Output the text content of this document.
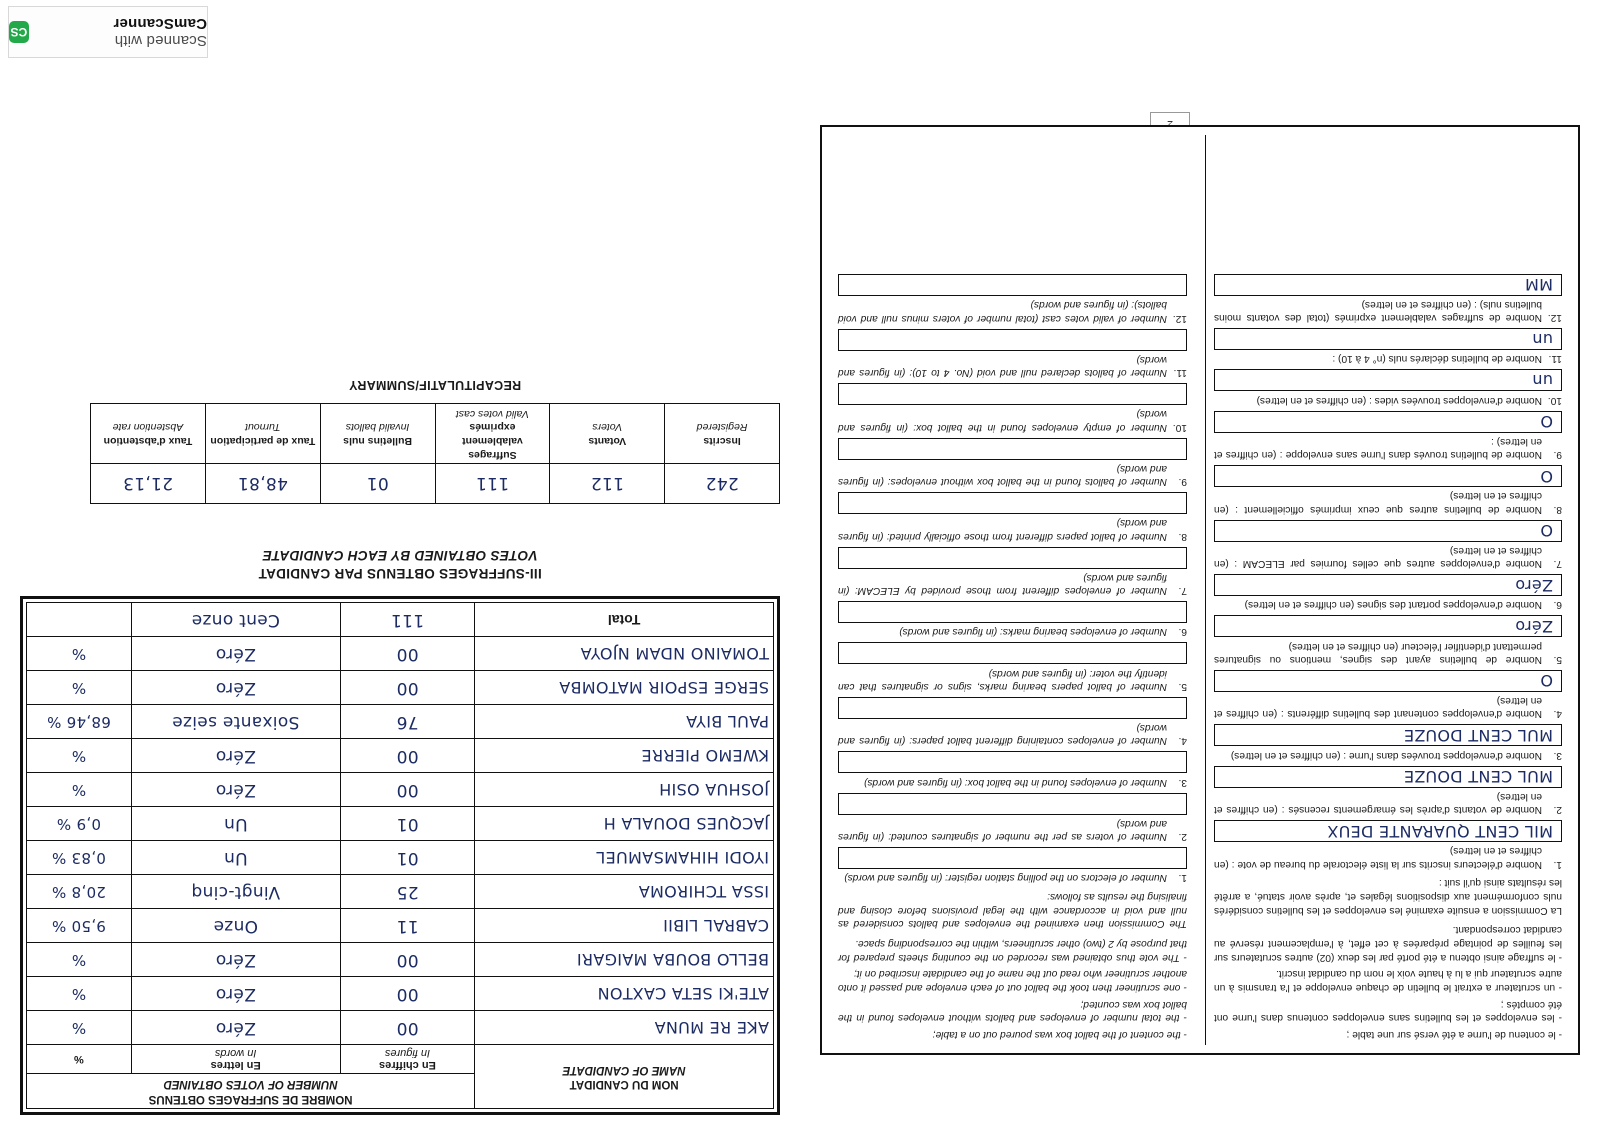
Scanned with CamScanner
CS
NOM DU CANDIDAT
NAME OF CANDIDATE

NOMBRE DE SUFFRAGES OBTENUS
NUMBER OF VOTES OBTAINED

En chiffres
In figures

En lettres
In words
	%
AKE RE MUNA	00	Zéro	%
ATE'KI SETA CAXTON	00	Zéro	%
BELLO BOUBA MAIGARI	00	Zéro	%
CABRAL LIBII	11	Onze	9,50 %
ISSA TCHIROMA	25	Vingt-cinq	20,8 %
IYODI HIHAMSAMUEL	01	Un	0,83 %
JACQUES DOUALA H	01	Un	0,9 %
JOSHUA OSIH	00	Zéro	%
KWEMO PIERRE	00	Zéro	%
PAUL BIYA	76	Soixante seize	68,46 %
SERGE ESPOIR MATOMBA	00	Zéro	%
TOMAINO NDAM NJOYA	00	Zéro	%
Total	111	Cent onze	
III-SUFFRAGES OBTENUS PAR CANDIDAT
VOTES OBTAINED BY EACH CANDIDATE
242	112	111	01	48,81	21,13

Inscrits
Registered

Votants
Voters

Suffrages valablement exprimés
Valid votes cast

Bulletins nuls
Invalid ballots

Taux de participation
Turnout

Taux d'abstention
Abstention rate
RECAPITULATIF/SUMMARY
- le contenu de l'urne a été versé sur une table ;
- les enveloppes et les bulletins sans enveloppes contenus dans l'urne ont été comptés ;
- un scrutateur a extrait le bulletin de chaque enveloppe et l'a transmis à un autre scrutateur qui a lu à haute voix le nom du candidat inscrit.
- le suffrage ainsi obtenu a été porté par les deux (02) autres scrutateurs sur les feuilles de pointage préparées à cet effet, à l'emplacement réservé au candidat correspondant.

La Commission a ensuite examiné les enveloppes et les bulletins considérés nuls conformément aux dispositions légales et, après avoir statué, a arrêté les résultats ainsi qu'il suit :

1.
Nombre d'électeurs inscrits sur la liste électorale du bureau de vote : (en chiffres et en lettres)
MIL CENT QUARANTE DEUX
2.
Nombre de votants d'après les émargements recensés : (en chiffres et en lettres)
MUL CENT DOUZE
3.
Nombre d'enveloppes trouvées dans l'urne : (en chiffres et en lettres)
MUL CENT DOUZE
4.
Nombre d'enveloppes contenant des bulletins différents : (en chiffres et en lettres)
O
5.
Nombre de bulletins ayant des signes, mentions ou signatures permettant d'identifier l'électeur (en chiffres et en lettres)
Zéro
6.
Nombre d'enveloppes portant des signes (en chiffres et en lettres)
Zéro
7.
Nombre d'enveloppes autres que celles fournies par ELECAM : (en chiffres et en lettres)
O
8.
Nombre de bulletins autres que ceux imprimés officiellement : (en chiffres et en lettres)
O
9.
Nombre de bulletins trouvés dans l'urne sans enveloppe : (en chiffres et en lettres) :
O
10.
Nombre d'enveloppes trouvées vides : (en chiffres et en lettres)
un
11.
Nombre de bulletins déclarés nuls (n° 4 à 10) :
un
12.
Nombre de suffrages valablement exprimés (total des votants moins bulletins nuls) : (en chiffres et en lettres)
MM
- the content of the ballot box was poured out on a table;
- the total number of envelopes and ballots without envelopes found in the ballot box was counted;
- one scrutineer then took the ballot out of each envelope and passed it onto another scrutineer who read out the name of the candidate inscribed on it;
- The vote thus obtained was recorded on the counting sheets prepared for that purpose by 2 (two) other scrutineers, within the corresponding space.

The Commission then examined the envelopes and ballots considered as null and void in accordance with the legal provisions before closing and finalising the results as follows:

1.
Number of electors on the polling station register: (in figures and words)
2.
Number of voters as per the number of signatures counted: (in figures and words)
3.
Number of envelopes found in the ballot box: (in figures and words)
4.
Number of envelopes containing different ballot papers: (in figures and words)
5.
Number of ballot papers bearing marks, signs or signatures that can identify the voter: (in figures and words)
6.
Number of envelopes bearing marks: (in figures and words)
7.
Number of envelopes different from those provided by ELECAM: (in figures and words)
8.
Number of ballot papers different from those officially printed: (in figures and words)
9.
Number of ballots found in the ballot box without envelopes: (in figures and words)
10.
Number of empty envelopes found in the ballot box: (in figures and words)
11.
Number of ballots declared null and void (No. 4 to 10): (in figures and words)
12.
Number of valid votes cast (total number of voters minus null and void ballots): (in figures and words)
